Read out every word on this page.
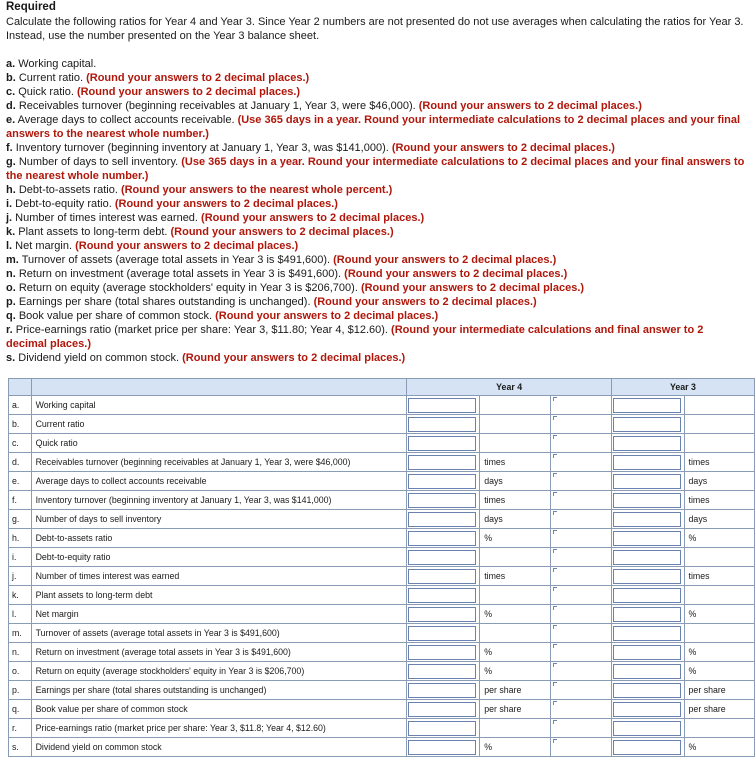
Required

Calculate the following ratios for Year 4 and Year 3. Since Year 2 numbers are not presented do not use averages when calculating the ratios for Year 3. Instead, use the number presented on the Year 3 balance sheet.

a. Working capital.
b. Current ratio. (Round your answers to 2 decimal places.)
c. Quick ratio. (Round your answers to 2 decimal places.)
d. Receivables turnover (beginning receivables at January 1, Year 3, were $46,000). (Round your answers to 2 decimal places.)
e. Average days to collect accounts receivable. (Use 365 days in a year. Round your intermediate calculations to 2 decimal places and your final answers to the nearest whole number.)
f. Inventory turnover (beginning inventory at January 1, Year 3, was $141,000). (Round your answers to 2 decimal places.)
g. Number of days to sell inventory. (Use 365 days in a year. Round your intermediate calculations to 2 decimal places and your final answers to the nearest whole number.)
h. Debt-to-assets ratio. (Round your answers to the nearest whole percent.)
i. Debt-to-equity ratio. (Round your answers to 2 decimal places.)
j. Number of times interest was earned. (Round your answers to 2 decimal places.)
k. Plant assets to long-term debt. (Round your answers to 2 decimal places.)
l. Net margin. (Round your answers to 2 decimal places.)
m. Turnover of assets (average total assets in Year 3 is $491,600). (Round your answers to 2 decimal places.)
n. Return on investment (average total assets in Year 3 is $491,600). (Round your answers to 2 decimal places.)
o. Return on equity (average stockholders' equity in Year 3 is $206,700). (Round your answers to 2 decimal places.)
p. Earnings per share (total shares outstanding is unchanged). (Round your answers to 2 decimal places.)
q. Book value per share of common stock. (Round your answers to 2 decimal places.)
r. Price-earnings ratio (market price per share: Year 3, $11.80; Year 4, $12.60). (Round your intermediate calculations and final answer to 2 decimal places.)
s. Dividend yield on common stock. (Round your answers to 2 decimal places.)
		Year 4			Year 3	
a.	Working capital	

b.	Current ratio	

c.	Quick ratio	

d.	Receivables turnover (beginning receivables at January 1, Year 3, were $46,000)		times			times
e.	Average days to collect accounts receivable		days			days
f.	Inventory turnover (beginning inventory at January 1, Year 3, was $141,000)		times			times
g.	Number of days to sell inventory		days			days
h.	Debt-to-assets ratio		%			%
i.	Debt-to-equity ratio	

j.	Number of times interest was earned		times			times
k.	Plant assets to long-term debt	

l.	Net margin		%			%
m.	Turnover of assets (average total assets in Year 3 is $491,600)	

n.	Return on investment (average total assets in Year 3 is $491,600)		%			%
o.	Return on equity (average stockholders' equity in Year 3 is $206,700)		%			%
p.	Earnings per share (total shares outstanding is unchanged)		per share			per share
q.	Book value per share of common stock		per share			per share
r.	Price-earnings ratio (market price per share: Year 3, $11.8; Year 4, $12.60)	

s.	Dividend yield on common stock		%			%
